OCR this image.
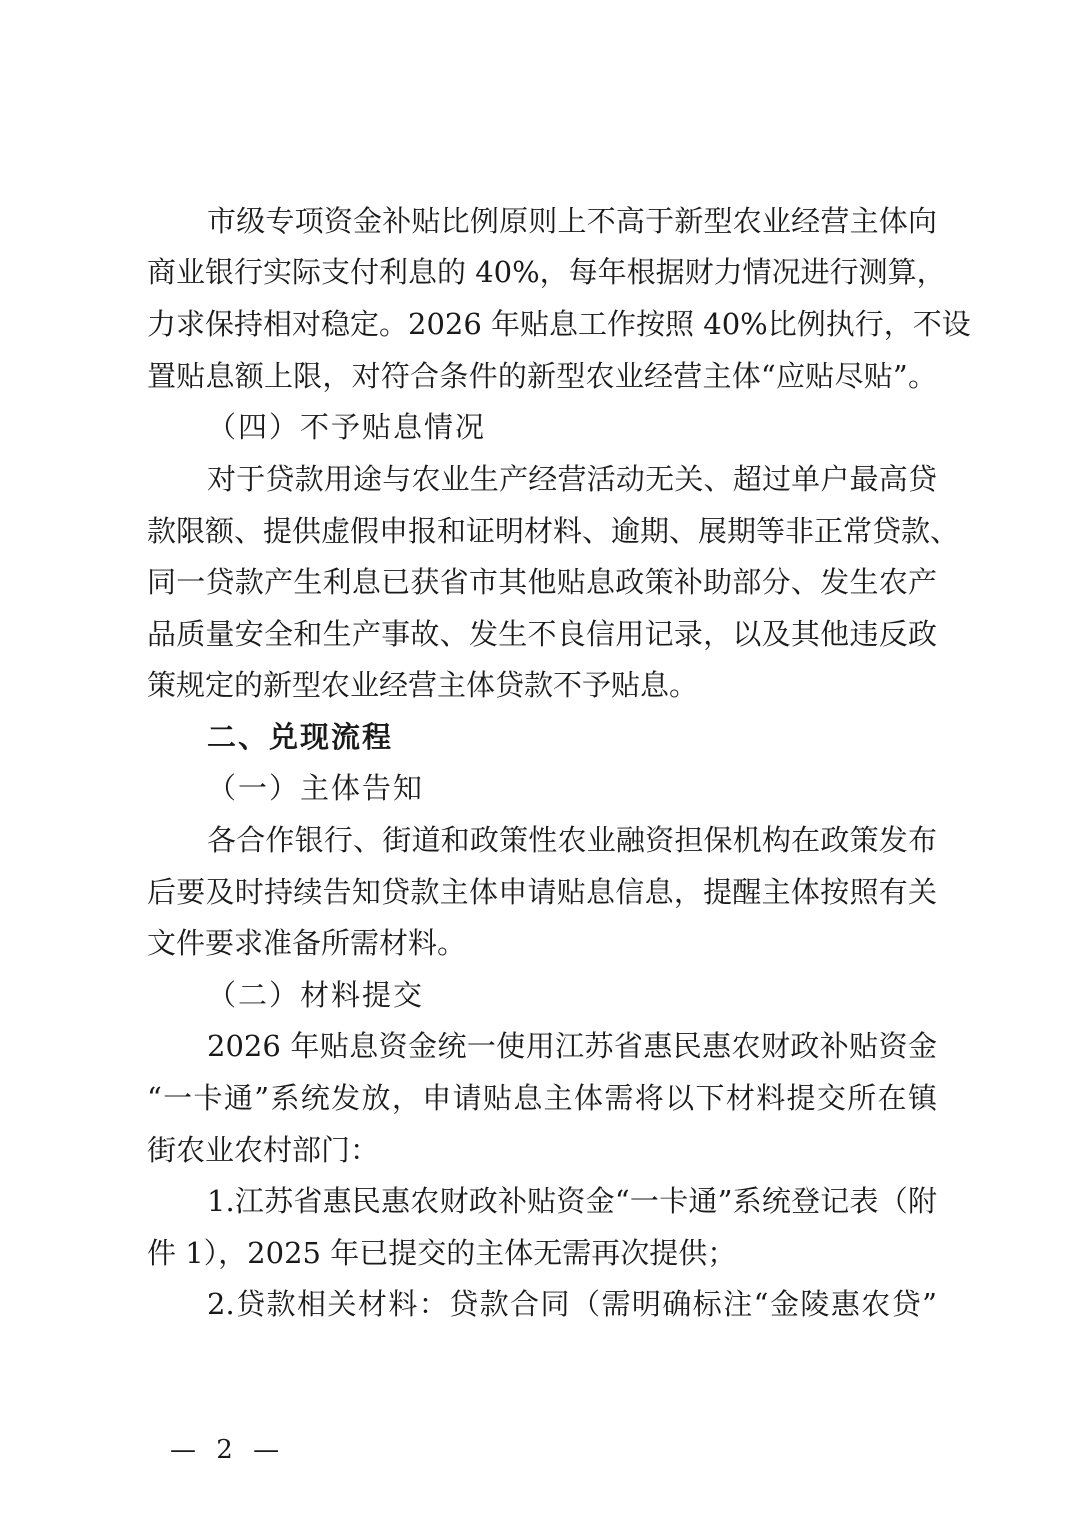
市级专项资金补贴比例原则上不高于新型农业经营主体向
商业银行实际支付利息的 40%，每年根据财力情况进行测算，
力求保持相对稳定。2026 年贴息工作按照 40%比例执行，不设
置贴息额上限，对符合条件的新型农业经营主体“应贴尽贴”。
（四）不予贴息情况
对于贷款用途与农业生产经营活动无关、超过单户最高贷
款限额、提供虚假申报和证明材料、逾期、展期等非正常贷款、
同一贷款产生利息已获省市其他贴息政策补助部分、发生农产
品质量安全和生产事故、发生不良信用记录，以及其他违反政
策规定的新型农业经营主体贷款不予贴息。
二、兑现流程
（一）主体告知
各合作银行、街道和政策性农业融资担保机构在政策发布
后要及时持续告知贷款主体申请贴息信息，提醒主体按照有关
文件要求准备所需材料。
（二）材料提交
2026 年贴息资金统一使用江苏省惠民惠农财政补贴资金
“一卡通”系统发放，申请贴息主体需将以下材料提交所在镇
街农业农村部门：
1.江苏省惠民惠农财政补贴资金“一卡通”系统登记表（附
件 1），2025 年已提交的主体无需再次提供；
2.贷款相关材料：贷款合同（需明确标注“金陵惠农贷”
— 2 —
